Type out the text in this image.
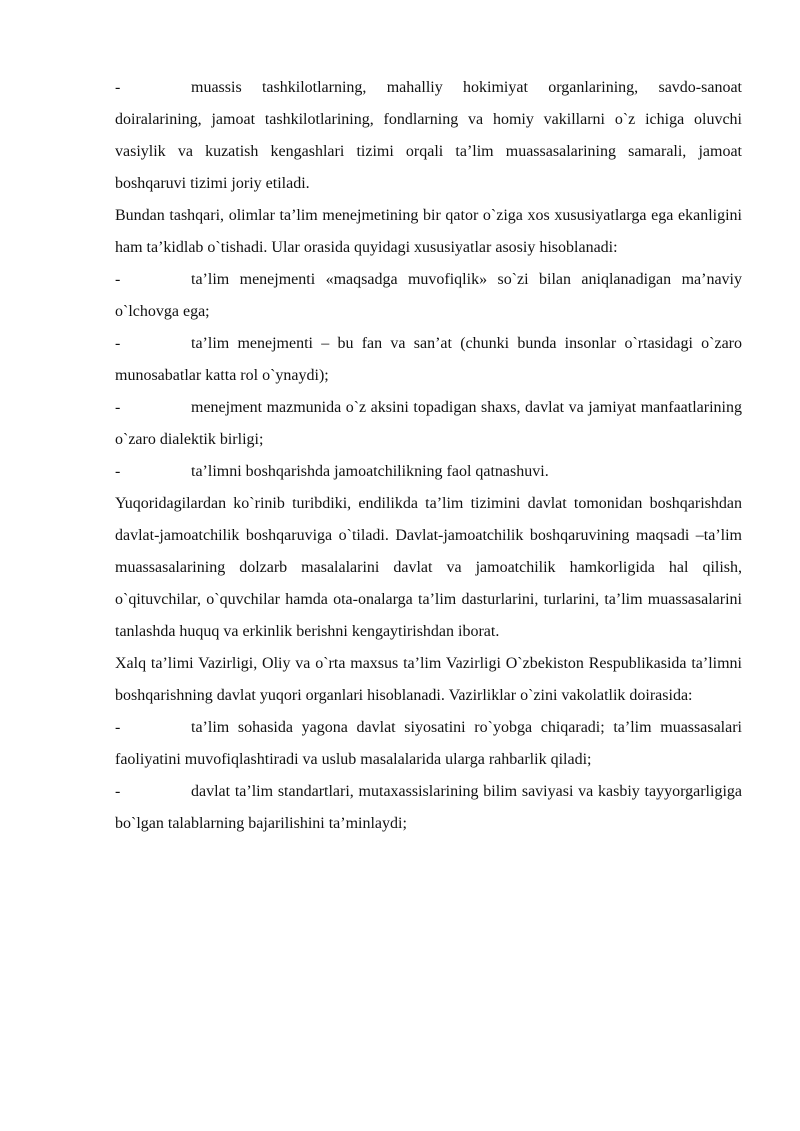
-	muassis tashkilotlarning, mahalliy hokimiyat organlarining, savdo-sanoat doiralarining, jamoat tashkilotlarining, fondlarning va homiy vakillarni o`z ichiga oluvchi vasiylik va kuzatish kengashlari tizimi orqali ta’lim muassasalarining samarali, jamoat boshqaruvi tizimi joriy etiladi.

Bundan tashqari, olimlar ta’lim menejmetining bir qator o`ziga xos xususiyatlarga ega ekanligini ham ta’kidlab o`tishadi. Ular orasida quyidagi xususiyatlar asosiy hisoblanadi:

-	ta’lim menejmenti «maqsadga muvofiqlik» so`zi bilan aniqlanadigan ma’naviy o`lchovga ega;

-	ta’lim menejmenti – bu fan va san’at (chunki bunda insonlar o`rtasidagi o`zaro munosabatlar katta rol o`ynaydi);

-	menejment mazmunida o`z aksini topadigan shaxs, davlat va jamiyat manfaatlarining o`zaro dialektik birligi;

-	ta’limni boshqarishda jamoatchilikning faol qatnashuvi.

Yuqoridagilardan ko`rinib turibdiki, endilikda ta’lim tizimini davlat tomonidan boshqarishdan davlat-jamoatchilik boshqaruviga o`tiladi. Davlat-jamoatchilik boshqaruvining maqsadi –ta’lim muassasalarining dolzarb masalalarini davlat va jamoatchilik hamkorligida hal qilish, o`qituvchilar, o`quvchilar hamda ota-onalarga ta’lim dasturlarini, turlarini, ta’lim muassasalarini tanlashda huquq va erkinlik berishni kengaytirishdan iborat.

Xalq ta’limi Vazirligi, Oliy va o`rta maxsus ta’lim Vazirligi O`zbekiston Respublikasida ta’limni boshqarishning davlat yuqori organlari hisoblanadi. Vazirliklar o`zini vakolatlik doirasida:

-	ta’lim sohasida yagona davlat siyosatini ro`yobga chiqaradi; ta’lim muassasalari faoliyatini muvofiqlashtiradi va uslub masalalarida ularga rahbarlik qiladi;

-	davlat ta’lim standartlari, mutaxassislarining bilim saviyasi va kasbiy tayyorgarligiga bo`lgan talablarning bajarilishini ta’minlaydi;
